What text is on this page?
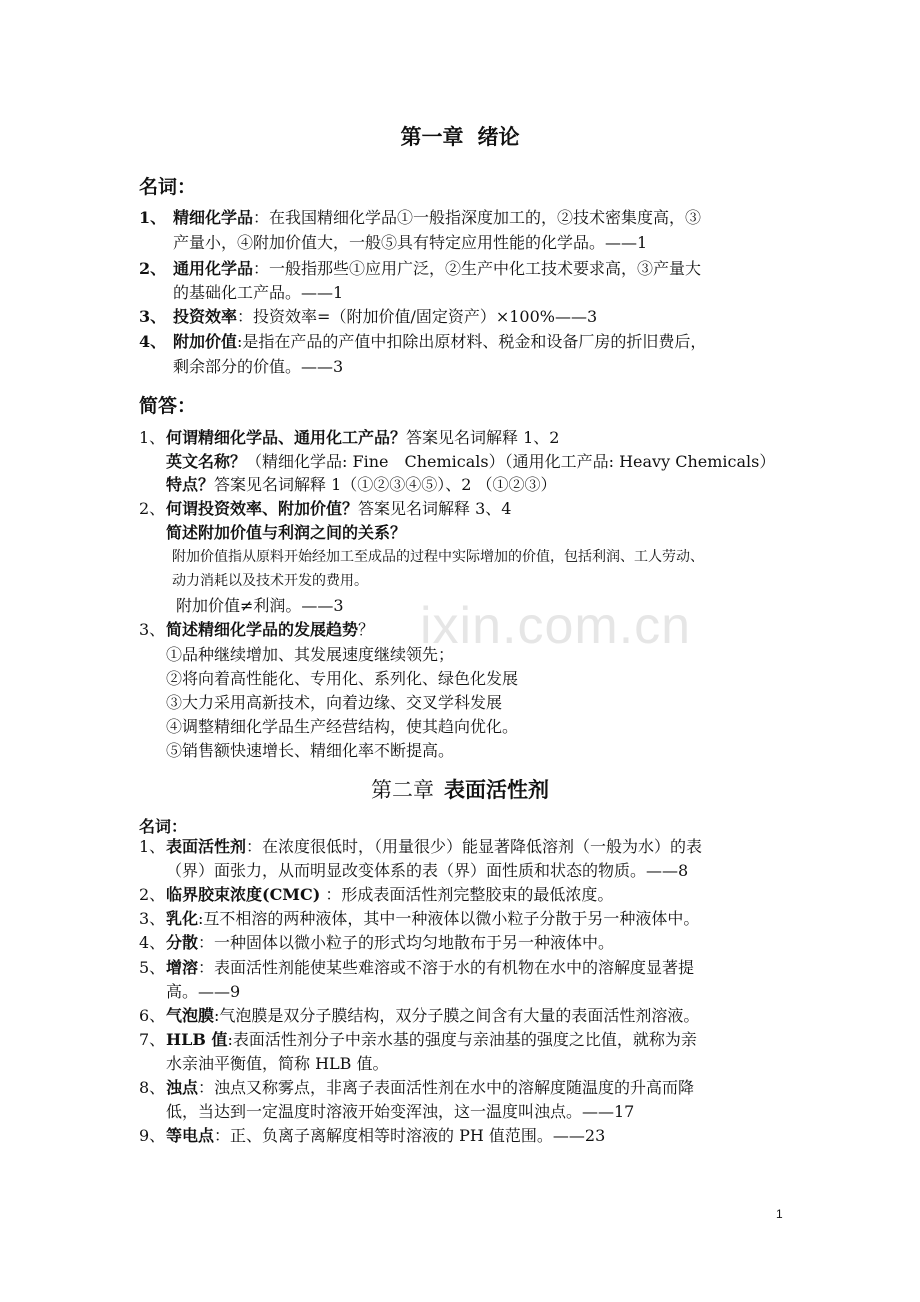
ixin.com.cn
第一章 绪论
名词：
1、 精细化学品：在我国精细化学品①一般指深度加工的，②技术密集度高，③
产量小，④附加价值大，一般⑤具有特定应用性能的化学品。——1
2、 通用化学品：一般指那些①应用广泛，②生产中化工技术要求高，③产量大
的基础化工产品。——1
3、 投资效率：投资效率=（附加价值/固定资产）×100%——3
4、 附加价值:是指在产品的产值中扣除出原材料、税金和设备厂房的折旧费后，
剩余部分的价值。——3
简答：
1、何谓精细化学品、通用化工产品？答案见名词解释 1、2
英文名称？（精细化学品: Fine　Chemicals）（通用化工产品: Heavy Chemicals）
特点？答案见名词解释 1（①②③④⑤）、2 （①②③）
2、何谓投资效率、附加价值？答案见名词解释 3、4
简述附加价值与利润之间的关系？
附加价值指从原料开始经加工至成品的过程中实际增加的价值，包括利润、工人劳动、
动力消耗以及技术开发的费用。
附加价值≠利润。——3
3、简述精细化学品的发展趋势？
①品种继续增加、其发展速度继续领先；
②将向着高性能化、专用化、系列化、绿色化发展
③大力采用高新技术，向着边缘、交叉学科发展
④调整精细化学品生产经营结构，使其趋向优化。
⑤销售额快速增长、精细化率不断提高。
第二章 表面活性剂
名词：
1、表面活性剂：在浓度很低时，（用量很少）能显著降低溶剂（一般为水）的表
（界）面张力，从而明显改变体系的表（界）面性质和状态的物质。——8
2、临界胶束浓度(CMC) ：形成表面活性剂完整胶束的最低浓度。
3、乳化:互不相溶的两种液体，其中一种液体以微小粒子分散于另一种液体中。
4、分散：一种固体以微小粒子的形式均匀地散布于另一种液体中。
5、增溶：表面活性剂能使某些难溶或不溶于水的有机物在水中的溶解度显著提
高。——9
6、气泡膜:气泡膜是双分子膜结构，双分子膜之间含有大量的表面活性剂溶液。
7、HLB 值:表面活性剂分子中亲水基的强度与亲油基的强度之比值，就称为亲
水亲油平衡值，简称 HLB 值。
8、浊点：浊点又称雾点，非离子表面活性剂在水中的溶解度随温度的升高而降
低，当达到一定温度时溶液开始变浑浊，这一温度叫浊点。——17
9、等电点：正、负离子离解度相等时溶液的 PH 值范围。——23
1
